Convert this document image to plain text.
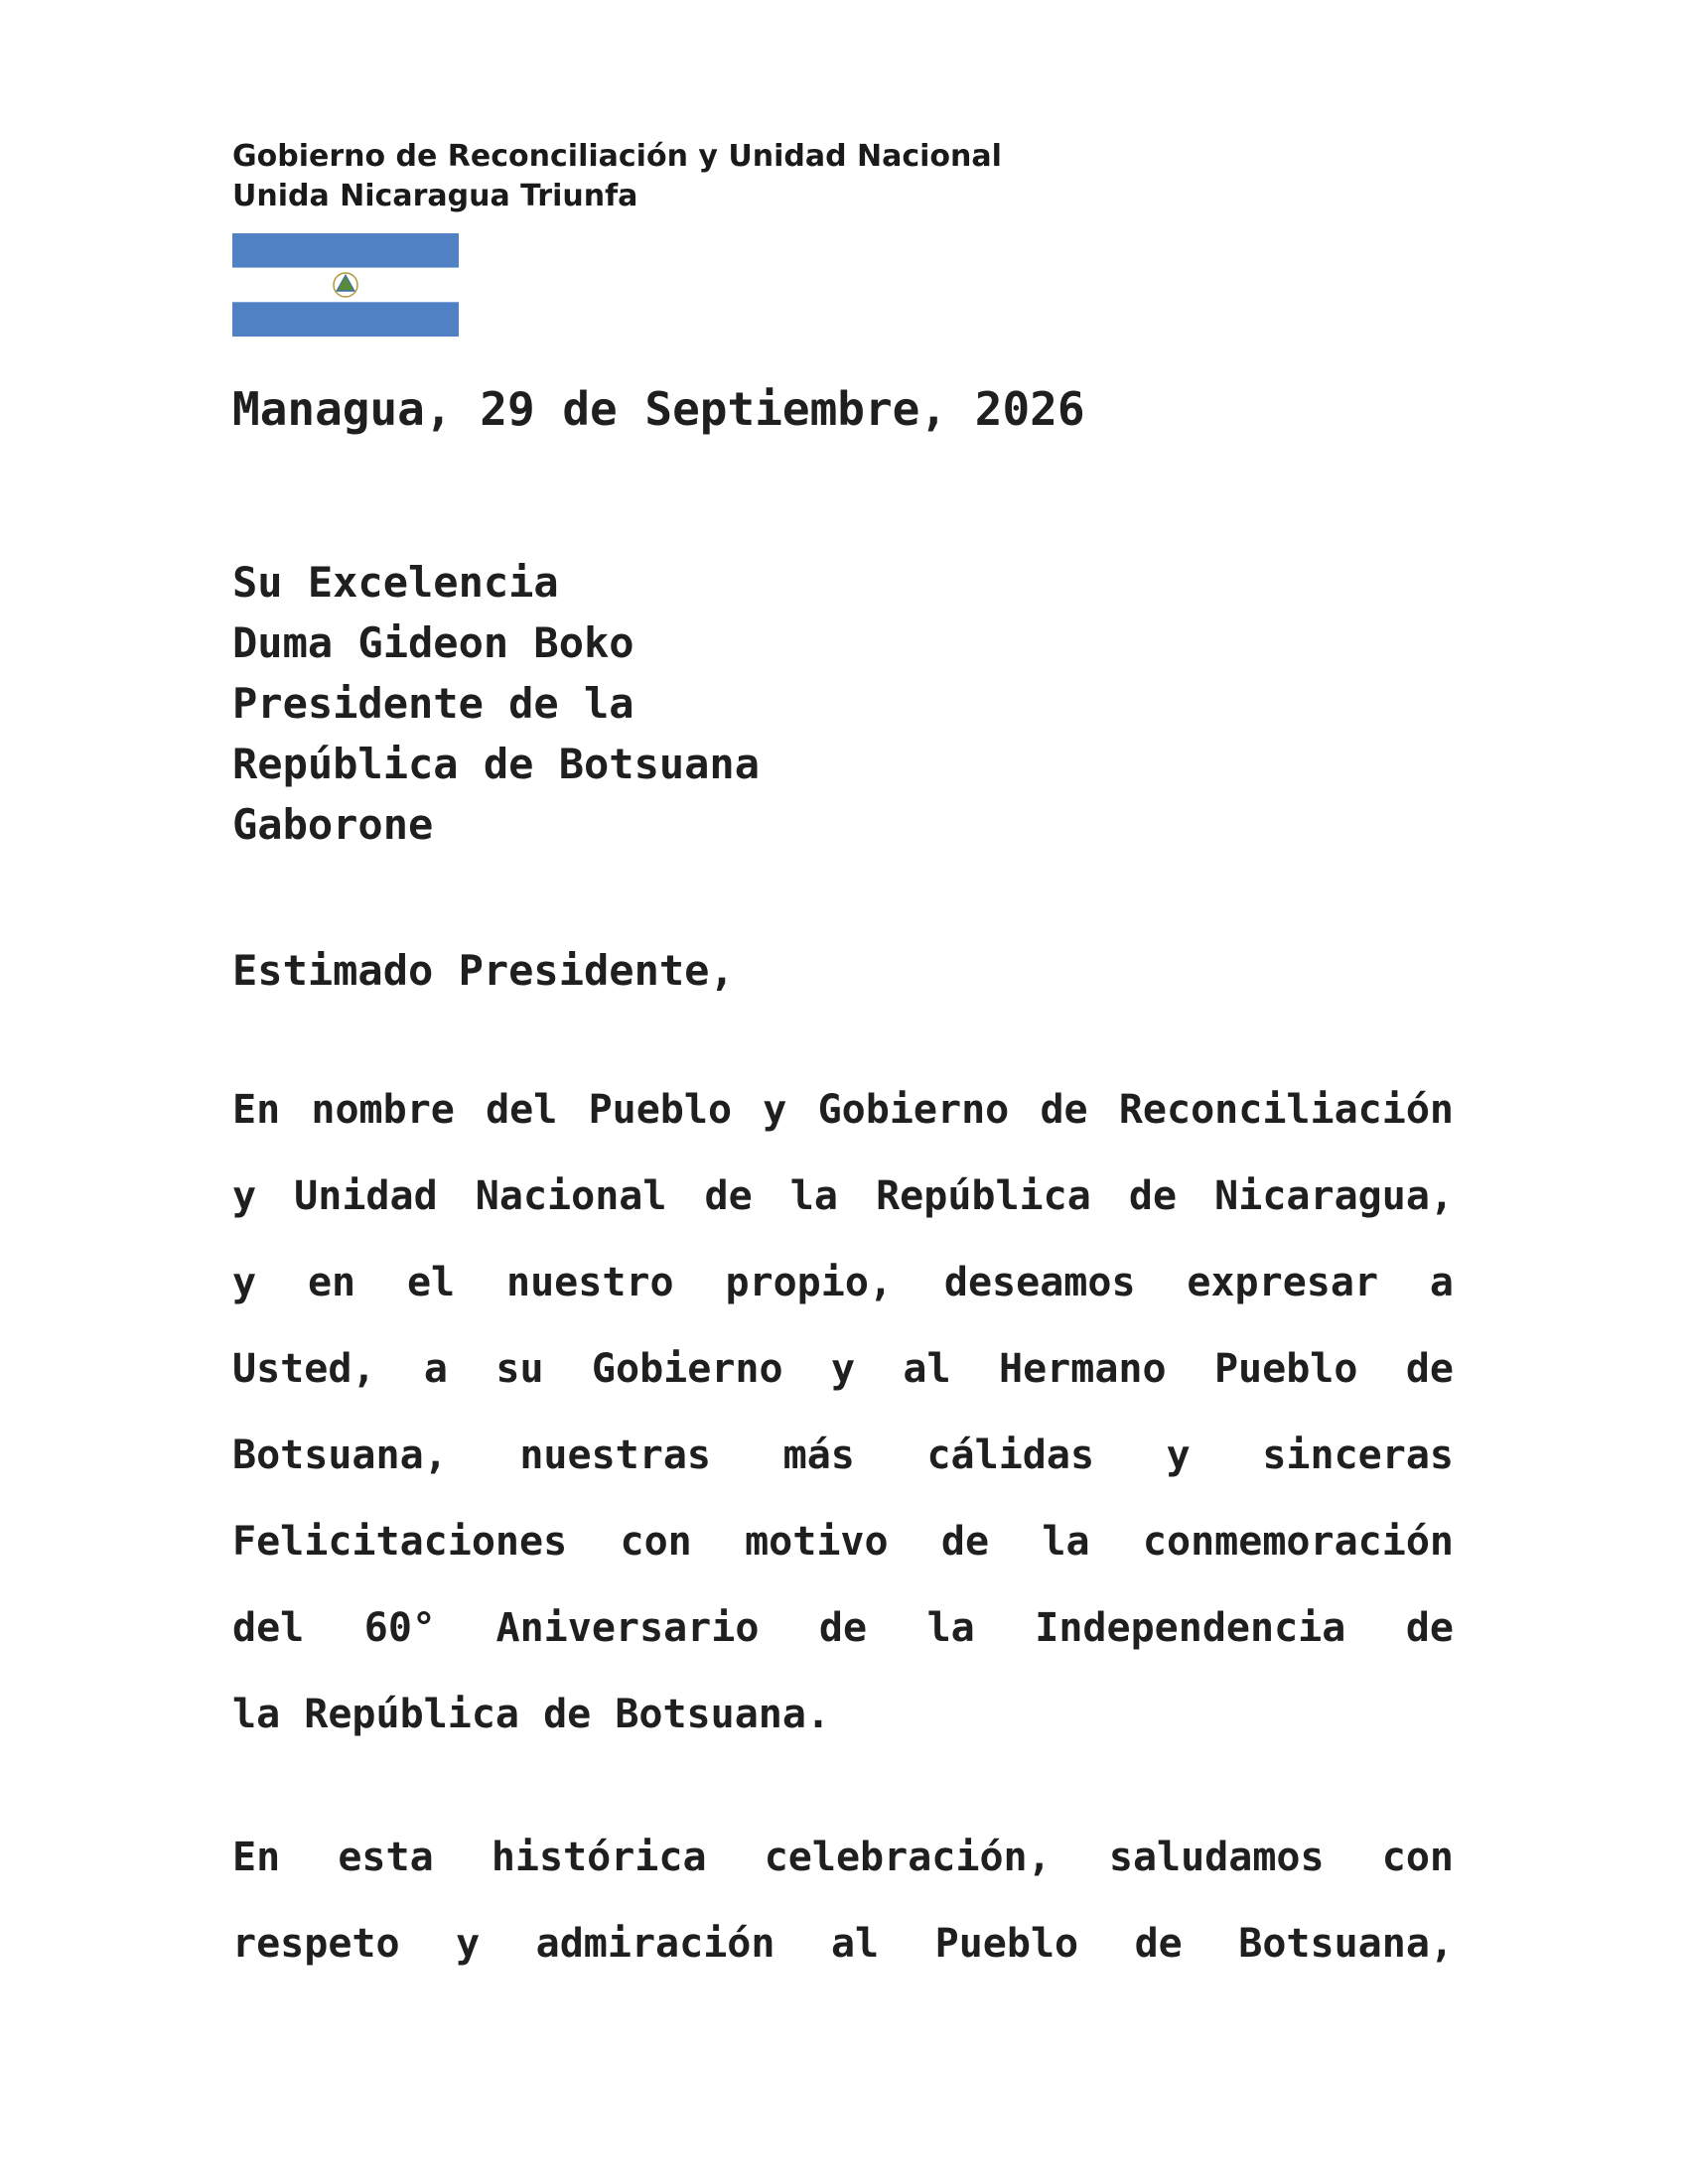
Gobierno de Reconciliación y Unidad Nacional
Unida Nicaragua Triunfa
Managua, 29 de Septiembre, 2026
Su Excelencia
Duma Gideon Boko
Presidente de la
República de Botsuana
Gaborone
Estimado Presidente,
En nombre del Pueblo y Gobierno de Reconciliación
y Unidad Nacional de la República de Nicaragua,
y en el nuestro propio, deseamos expresar a
Usted, a su Gobierno y al Hermano Pueblo de
Botsuana, nuestras más cálidas y sinceras
Felicitaciones con motivo de la conmemoración
del 60° Aniversario de la Independencia de
la República de Botsuana.
En esta histórica celebración, saludamos con
respeto y admiración al Pueblo de Botsuana,
